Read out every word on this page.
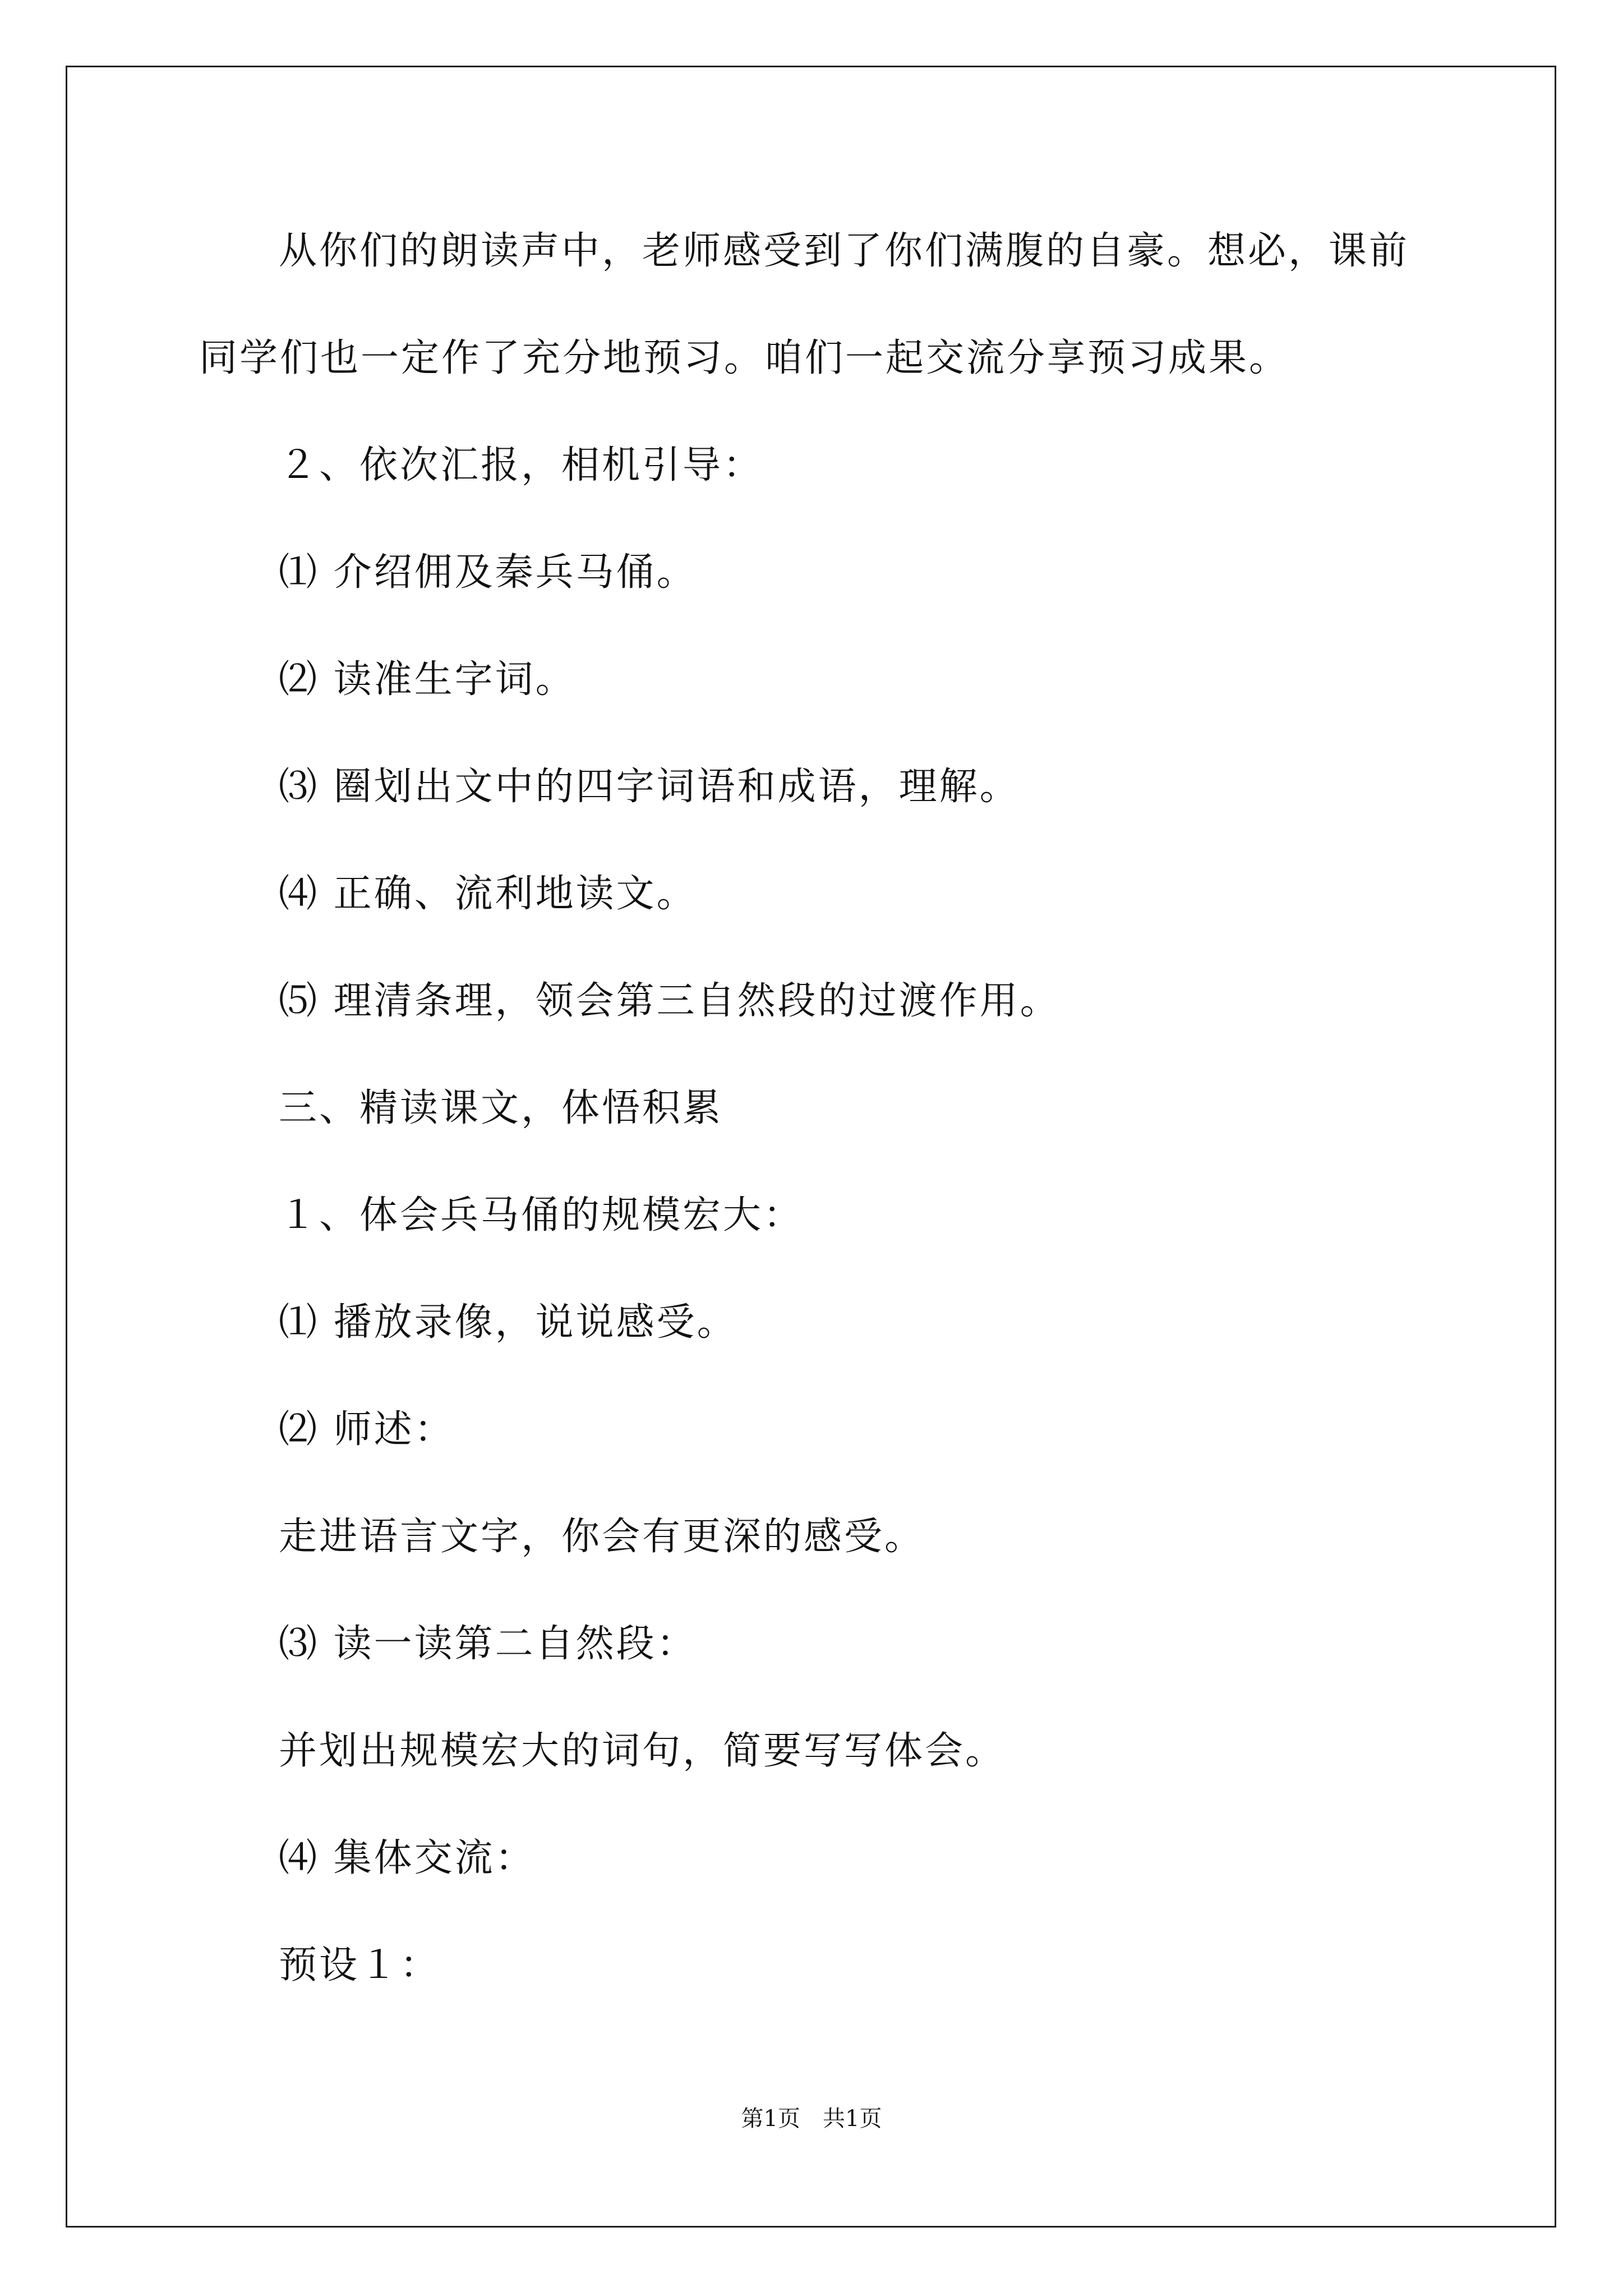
从你们的朗读声中，老师感受到了你们满腹的自豪。想必，课前
同学们也一定作了充分地预习。咱们一起交流分享预习成果。
２、依次汇报，相机引导：
⑴ 介绍佣及秦兵马俑。
⑵ 读准生字词。
⑶ 圈划出文中的四字词语和成语，理解。
⑷ 正确、流利地读文。
⑸ 理清条理，领会第三自然段的过渡作用。
三、精读课文，体悟积累
１、体会兵马俑的规模宏大：
⑴ 播放录像，说说感受。
⑵ 师述：
走进语言文字，你会有更深的感受。
⑶ 读一读第二自然段：
并划出规模宏大的词句，简要写写体会。
⑷ 集体交流：
预设１：
第1页　共1页
